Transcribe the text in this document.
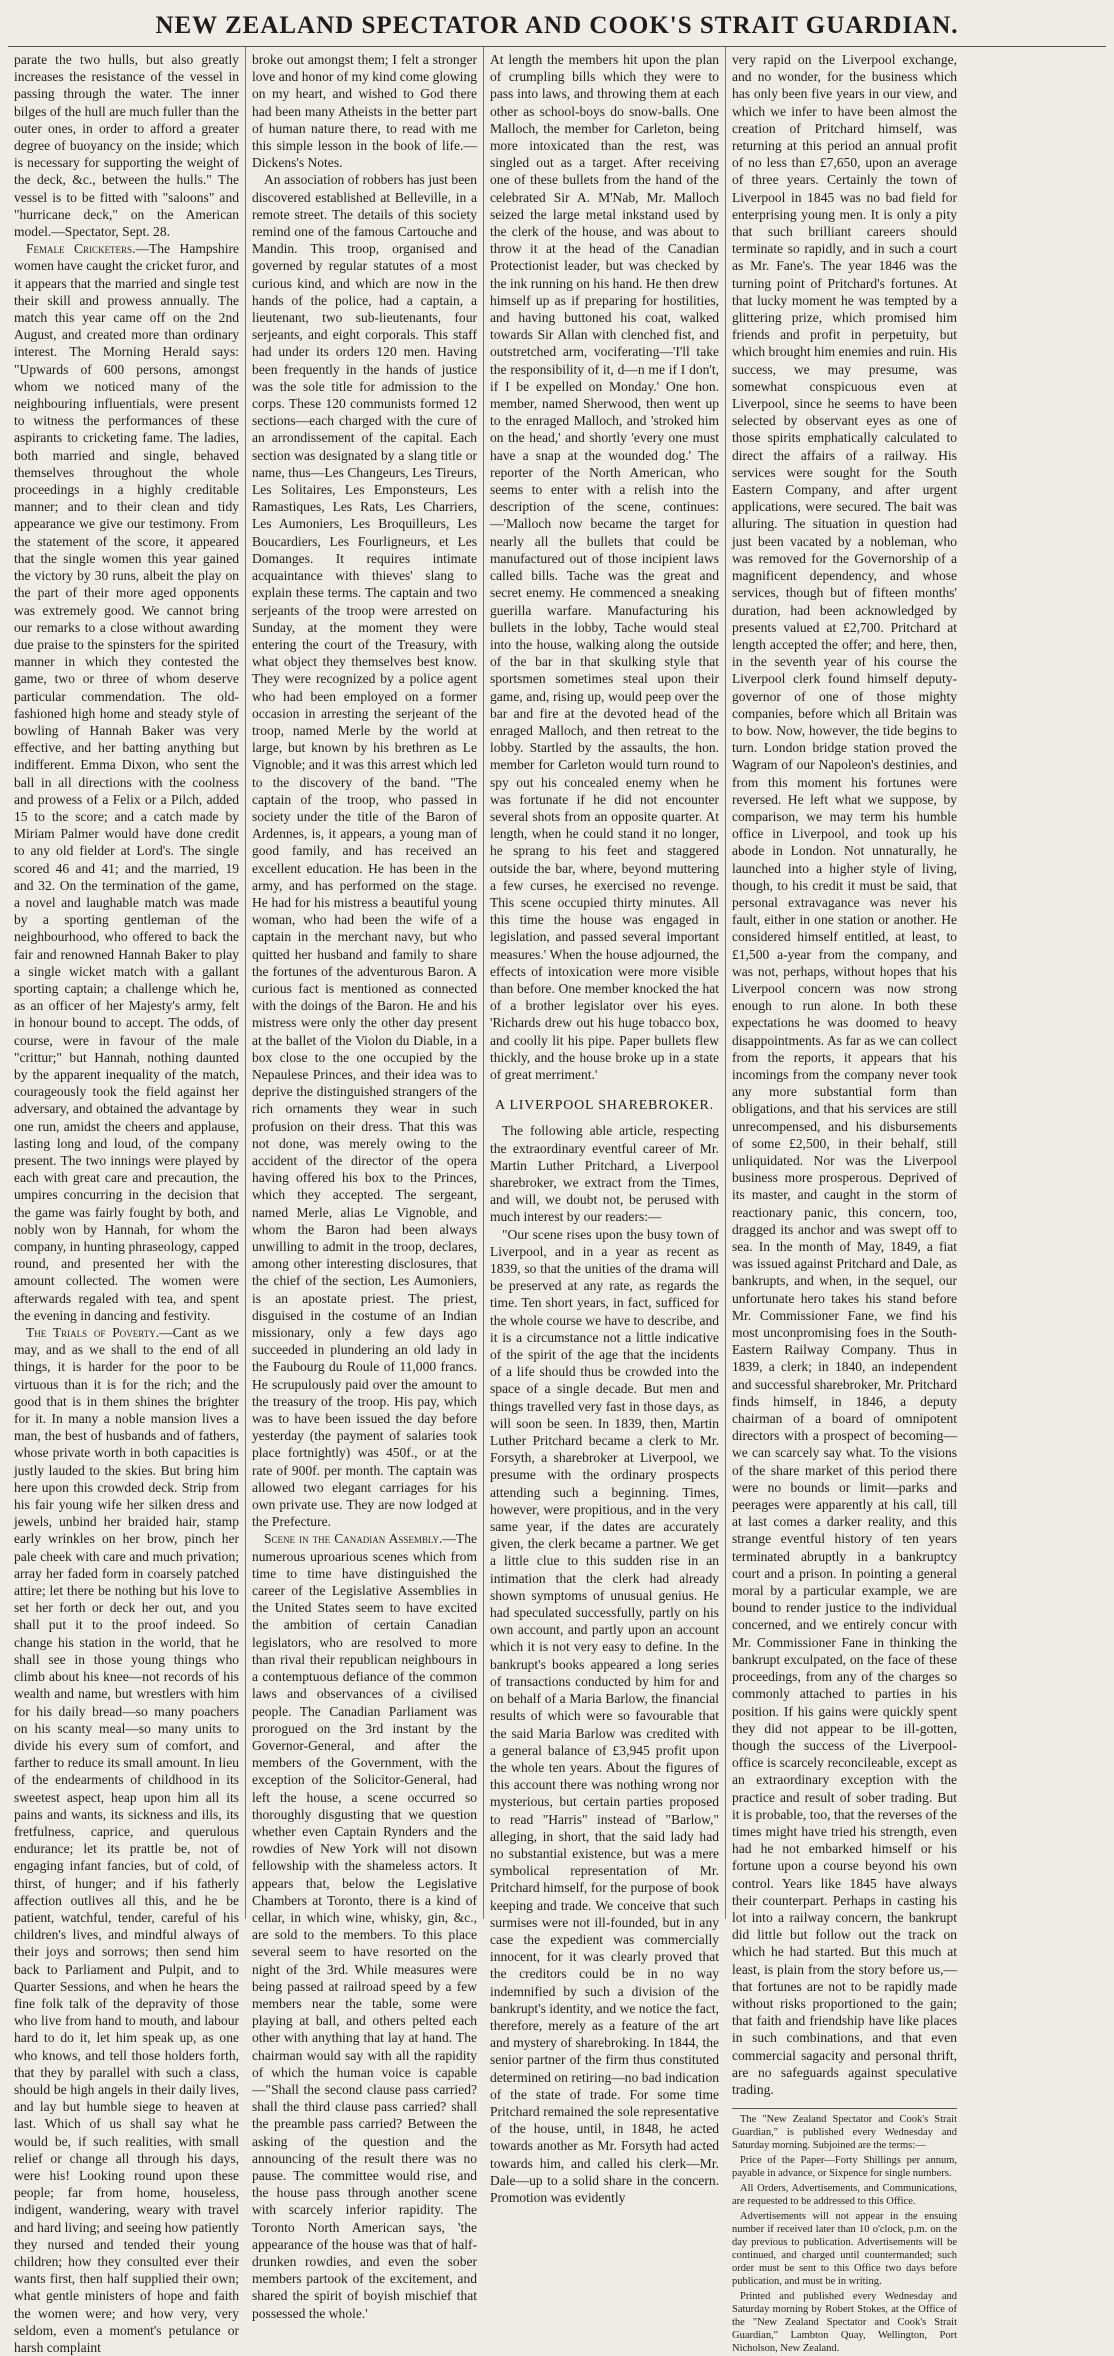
NEW ZEALAND SPECTATOR AND COOK'S STRAIT GUARDIAN.

parate the two hulls, but also greatly increases the resistance of the vessel in passing through the water. The inner bilges of the hull are much fuller than the outer ones, in order to afford a greater degree of buoyancy on the inside; which is necessary for supporting the weight of the deck, &c., between the hulls." The vessel is to be fitted with "saloons" and "hurricane deck," on the American model.—Spectator, Sept. 28.

Female Cricketers.—The Hampshire women have caught the cricket furor, and it appears that the married and single test their skill and prowess annually. The match this year came off on the 2nd August, and created more than ordinary interest. The Morning Herald says: "Upwards of 600 persons, amongst whom we noticed many of the neighbouring influentials, were present to witness the performances of these aspirants to cricketing fame. The ladies, both married and single, behaved themselves throughout the whole proceedings in a highly creditable manner; and to their clean and tidy appearance we give our testimony. From the statement of the score, it appeared that the single women this year gained the victory by 30 runs, albeit the play on the part of their more aged opponents was extremely good. We cannot bring our remarks to a close without awarding due praise to the spinsters for the spirited manner in which they contested the game, two or three of whom deserve particular commendation. The old-fashioned high home and steady style of bowling of Hannah Baker was very effective, and her batting anything but indifferent. Emma Dixon, who sent the ball in all directions with the coolness and prowess of a Felix or a Pilch, added 15 to the score; and a catch made by Miriam Palmer would have done credit to any old fielder at Lord's. The single scored 46 and 41; and the married, 19 and 32. On the termination of the game, a novel and laughable match was made by a sporting gentleman of the neighbourhood, who offered to back the fair and renowned Hannah Baker to play a single wicket match with a gallant sporting captain; a challenge which he, as an officer of her Majesty's army, felt in honour bound to accept. The odds, of course, were in favour of the male "crittur;" but Hannah, nothing daunted by the apparent inequality of the match, courageously took the field against her adversary, and obtained the advantage by one run, amidst the cheers and applause, lasting long and loud, of the company present. The two innings were played by each with great care and precaution, the umpires concurring in the decision that the game was fairly fought by both, and nobly won by Hannah, for whom the company, in hunting phraseology, capped round, and presented her with the amount collected. The women were afterwards regaled with tea, and spent the evening in dancing and festivity.

The Trials of Poverty.—Cant as we may, and as we shall to the end of all things, it is harder for the poor to be virtuous than it is for the rich; and the good that is in them shines the brighter for it. In many a noble mansion lives a man, the best of husbands and of fathers, whose private worth in both capacities is justly lauded to the skies. But bring him here upon this crowded deck. Strip from his fair young wife her silken dress and jewels, unbind her braided hair, stamp early wrinkles on her brow, pinch her pale cheek with care and much privation; array her faded form in coarsely patched attire; let there be nothing but his love to set her forth or deck her out, and you shall put it to the proof indeed. So change his station in the world, that he shall see in those young things who climb about his knee—not records of his wealth and name, but wrestlers with him for his daily bread—so many poachers on his scanty meal—so many units to divide his every sum of comfort, and farther to reduce its small amount. In lieu of the endearments of childhood in its sweetest aspect, heap upon him all its pains and wants, its sickness and ills, its fretfulness, caprice, and querulous endurance; let its prattle be, not of engaging infant fancies, but of cold, of thirst, of hunger; and if his fatherly affection outlives all this, and he be patient, watchful, tender, careful of his children's lives, and mindful always of their joys and sorrows; then send him back to Parliament and Pulpit, and to Quarter Sessions, and when he hears the fine folk talk of the depravity of those who live from hand to mouth, and labour hard to do it, let him speak up, as one who knows, and tell those holders forth, that they by parallel with such a class, should be high angels in their daily lives, and lay but humble siege to heaven at last. Which of us shall say what he would be, if such realities, with small relief or change all through his days, were his! Looking round upon these people; far from home, houseless, indigent, wandering, weary with travel and hard living; and seeing how patiently they nursed and tended their young children; how they consulted ever their wants first, then half supplied their own; what gentle ministers of hope and faith the women were; and how very, very seldom, even a moment's petulance or harsh complaint

broke out amongst them; I felt a stronger love and honor of my kind come glowing on my heart, and wished to God there had been many Atheists in the better part of human nature there, to read with me this simple lesson in the book of life.—Dickens's Notes.

An association of robbers has just been discovered established at Belleville, in a remote street. The details of this society remind one of the famous Cartouche and Mandin. This troop, organised and governed by regular statutes of a most curious kind, and which are now in the hands of the police, had a captain, a lieutenant, two sub-lieutenants, four serjeants, and eight corporals. This staff had under its orders 120 men. Having been frequently in the hands of justice was the sole title for admission to the corps. These 120 communists formed 12 sections—each charged with the cure of an arrondissement of the capital. Each section was designated by a slang title or name, thus—Les Changeurs, Les Tireurs, Les Solitaires, Les Emponsteurs, Les Ramastiques, Les Rats, Les Charriers, Les Aumoniers, Les Broquilleurs, Les Boucardiers, Les Fourligneurs, et Les Domanges. It requires intimate acquaintance with thieves' slang to explain these terms. The captain and two serjeants of the troop were arrested on Sunday, at the moment they were entering the court of the Treasury, with what object they themselves best know. They were recognized by a police agent who had been employed on a former occasion in arresting the serjeant of the troop, named Merle by the world at large, but known by his brethren as Le Vignoble; and it was this arrest which led to the discovery of the band. "The captain of the troop, who passed in society under the title of the Baron of Ardennes, is, it appears, a young man of good family, and has received an excellent education. He has been in the army, and has performed on the stage. He had for his mistress a beautiful young woman, who had been the wife of a captain in the merchant navy, but who quitted her husband and family to share the fortunes of the adventurous Baron. A curious fact is mentioned as connected with the doings of the Baron. He and his mistress were only the other day present at the ballet of the Violon du Diable, in a box close to the one occupied by the Nepaulese Princes, and their idea was to deprive the distinguished strangers of the rich ornaments they wear in such profusion on their dress. That this was not done, was merely owing to the accident of the director of the opera having offered his box to the Princes, which they accepted. The sergeant, named Merle, alias Le Vignoble, and whom the Baron had been always unwilling to admit in the troop, declares, among other interesting disclosures, that the chief of the section, Les Aumoniers, is an apostate priest. The priest, disguised in the costume of an Indian missionary, only a few days ago succeeded in plundering an old lady in the Faubourg du Roule of 11,000 francs. He scrupulously paid over the amount to the treasury of the troop. His pay, which was to have been issued the day before yesterday (the payment of salaries took place fortnightly) was 450f., or at the rate of 900f. per month. The captain was allowed two elegant carriages for his own private use. They are now lodged at the Prefecture.

Scene in the Canadian Assembly.—The numerous uproarious scenes which from time to time have distinguished the career of the Legislative Assemblies in the United States seem to have excited the ambition of certain Canadian legislators, who are resolved to more than rival their republican neighbours in a contemptuous defiance of the common laws and observances of a civilised people. The Canadian Parliament was prorogued on the 3rd instant by the Governor-General, and after the members of the Government, with the exception of the Solicitor-General, had left the house, a scene occurred so thoroughly disgusting that we question whether even Captain Rynders and the rowdies of New York will not disown fellowship with the shameless actors. It appears that, below the Legislative Chambers at Toronto, there is a kind of cellar, in which wine, whisky, gin, &c., are sold to the members. To this place several seem to have resorted on the night of the 3rd. While measures were being passed at railroad speed by a few members near the table, some were playing at ball, and others pelted each other with anything that lay at hand. The chairman would say with all the rapidity of which the human voice is capable—"Shall the second clause pass carried? shall the third clause pass carried? shall the preamble pass carried? Between the asking of the question and the announcing of the result there was no pause. The committee would rise, and the house pass through another scene with scarcely inferior rapidity. The Toronto North American says, 'the appearance of the house was that of half-drunken rowdies, and even the sober members partook of the excitement, and shared the spirit of boyish mischief that possessed the whole.'

At length the members hit upon the plan of crumpling bills which they were to pass into laws, and throwing them at each other as school-boys do snow-balls. One Malloch, the member for Carleton, being more intoxicated than the rest, was singled out as a target. After receiving one of these bullets from the hand of the celebrated Sir A. M'Nab, Mr. Malloch seized the large metal inkstand used by the clerk of the house, and was about to throw it at the head of the Canadian Protectionist leader, but was checked by the ink running on his hand. He then drew himself up as if preparing for hostilities, and having buttoned his coat, walked towards Sir Allan with clenched fist, and outstretched arm, vociferating—'I'll take the responsibility of it, d—n me if I don't, if I be expelled on Monday.' One hon. member, named Sherwood, then went up to the enraged Malloch, and 'stroked him on the head,' and shortly 'every one must have a snap at the wounded dog.' The reporter of the North American, who seems to enter with a relish into the description of the scene, continues:—'Malloch now became the target for nearly all the bullets that could be manufactured out of those incipient laws called bills. Tache was the great and secret enemy. He commenced a sneaking guerilla warfare. Manufacturing his bullets in the lobby, Tache would steal into the house, walking along the outside of the bar in that skulking style that sportsmen sometimes steal upon their game, and, rising up, would peep over the bar and fire at the devoted head of the enraged Malloch, and then retreat to the lobby. Startled by the assaults, the hon. member for Carleton would turn round to spy out his concealed enemy when he was fortunate if he did not encounter several shots from an opposite quarter. At length, when he could stand it no longer, he sprang to his feet and staggered outside the bar, where, beyond muttering a few curses, he exercised no revenge. This scene occupied thirty minutes. All this time the house was engaged in legislation, and passed several important measures.' When the house adjourned, the effects of intoxication were more visible than before. One member knocked the hat of a brother legislator over his eyes. 'Richards drew out his huge tobacco box, and coolly lit his pipe. Paper bullets flew thickly, and the house broke up in a state of great merriment.'

A LIVERPOOL SHAREBROKER.

The following able article, respecting the extraordinary eventful career of Mr. Martin Luther Pritchard, a Liverpool sharebroker, we extract from the Times, and will, we doubt not, be perused with much interest by our readers:—

"Our scene rises upon the busy town of Liverpool, and in a year as recent as 1839, so that the unities of the drama will be preserved at any rate, as regards the time. Ten short years, in fact, sufficed for the whole course we have to describe, and it is a circumstance not a little indicative of the spirit of the age that the incidents of a life should thus be crowded into the space of a single decade. But men and things travelled very fast in those days, as will soon be seen. In 1839, then, Martin Luther Pritchard became a clerk to Mr. Forsyth, a sharebroker at Liverpool, we presume with the ordinary prospects attending such a beginning. Times, however, were propitious, and in the very same year, if the dates are accurately given, the clerk became a partner. We get a little clue to this sudden rise in an intimation that the clerk had already shown symptoms of unusual genius. He had speculated successfully, partly on his own account, and partly upon an account which it is not very easy to define. In the bankrupt's books appeared a long series of transactions conducted by him for and on behalf of a Maria Barlow, the financial results of which were so favourable that the said Maria Barlow was credited with a general balance of £3,945 profit upon the whole ten years. About the figures of this account there was nothing wrong nor mysterious, but certain parties proposed to read "Harris" instead of "Barlow," alleging, in short, that the said lady had no substantial existence, but was a mere symbolical representation of Mr. Pritchard himself, for the purpose of book keeping and trade. We conceive that such surmises were not ill-founded, but in any case the expedient was commercially innocent, for it was clearly proved that the creditors could be in no way indemnified by such a division of the bankrupt's identity, and we notice the fact, therefore, merely as a feature of the art and mystery of sharebroking. In 1844, the senior partner of the firm thus constituted determined on retiring—no bad indication of the state of trade. For some time Pritchard remained the sole representative of the house, until, in 1848, he acted towards another as Mr. Forsyth had acted towards him, and called his clerk—Mr. Dale—up to a solid share in the concern. Promotion was evidently

very rapid on the Liverpool exchange, and no wonder, for the business which has only been five years in our view, and which we infer to have been almost the creation of Pritchard himself, was returning at this period an annual profit of no less than £7,650, upon an average of three years. Certainly the town of Liverpool in 1845 was no bad field for enterprising young men. It is only a pity that such brilliant careers should terminate so rapidly, and in such a court as Mr. Fane's. The year 1846 was the turning point of Pritchard's fortunes. At that lucky moment he was tempted by a glittering prize, which promised him friends and profit in perpetuity, but which brought him enemies and ruin. His success, we may presume, was somewhat conspicuous even at Liverpool, since he seems to have been selected by observant eyes as one of those spirits emphatically calculated to direct the affairs of a railway. His services were sought for the South Eastern Company, and after urgent applications, were secured. The bait was alluring. The situation in question had just been vacated by a nobleman, who was removed for the Governorship of a magnificent dependency, and whose services, though but of fifteen months' duration, had been acknowledged by presents valued at £2,700. Pritchard at length accepted the offer; and here, then, in the seventh year of his course the Liverpool clerk found himself deputy-governor of one of those mighty companies, before which all Britain was to bow. Now, however, the tide begins to turn. London bridge station proved the Wagram of our Napoleon's destinies, and from this moment his fortunes were reversed. He left what we suppose, by comparison, we may term his humble office in Liverpool, and took up his abode in London. Not unnaturally, he launched into a higher style of living, though, to his credit it must be said, that personal extravagance was never his fault, either in one station or another. He considered himself entitled, at least, to £1,500 a-year from the company, and was not, perhaps, without hopes that his Liverpool concern was now strong enough to run alone. In both these expectations he was doomed to heavy disappointments. As far as we can collect from the reports, it appears that his incomings from the company never took any more substantial form than obligations, and that his services are still unrecompensed, and his disbursements of some £2,500, in their behalf, still unliquidated. Nor was the Liverpool business more prosperous. Deprived of its master, and caught in the storm of reactionary panic, this concern, too, dragged its anchor and was swept off to sea. In the month of May, 1849, a fiat was issued against Pritchard and Dale, as bankrupts, and when, in the sequel, our unfortunate hero takes his stand before Mr. Commissioner Fane, we find his most unconpromising foes in the South-Eastern Railway Company. Thus in 1839, a clerk; in 1840, an independent and successful sharebroker, Mr. Pritchard finds himself, in 1846, a deputy chairman of a board of omnipotent directors with a prospect of becoming—we can scarcely say what. To the visions of the share market of this period there were no bounds or limit—parks and peerages were apparently at his call, till at last comes a darker reality, and this strange eventful history of ten years terminated abruptly in a bankruptcy court and a prison. In pointing a general moral by a particular example, we are bound to render justice to the individual concerned, and we entirely concur with Mr. Commissioner Fane in thinking the bankrupt exculpated, on the face of these proceedings, from any of the charges so commonly attached to parties in his position. If his gains were quickly spent they did not appear to be ill-gotten, though the success of the Liverpool-office is scarcely reconcileable, except as an extraordinary exception with the practice and result of sober trading. But it is probable, too, that the reverses of the times might have tried his strength, even had he not embarked himself or his fortune upon a course beyond his own control. Years like 1845 have always their counterpart. Perhaps in casting his lot into a railway concern, the bankrupt did little but follow out the track on which he had started. But this much at least, is plain from the story before us,—that fortunes are not to be rapidly made without risks proportioned to the gain; that faith and friendship have like places in such combinations, and that even commercial sagacity and personal thrift, are no safeguards against speculative trading.

The "New Zealand Spectator and Cook's Strait Guardian," is published every Wednesday and Saturday morning. Subjoined are the terms:—

Price of the Paper—Forty Shillings per annum, payable in advance, or Sixpence for single numbers.

All Orders, Advertisements, and Communications, are requested to be addressed to this Office.

Advertisements will not appear in the ensuing number if received later than 10 o'clock, p.m. on the day previous to publication. Advertisements will be continued, and charged until countermanded; such order must be sent to this Office two days before publication, and must be in writing.

Printed and published every Wednesday and Saturday morning by Robert Stokes, at the Office of the "New Zealand Spectator and Cook's Strait Guardian," Lambton Quay, Wellington, Port Nicholson, New Zealand.
